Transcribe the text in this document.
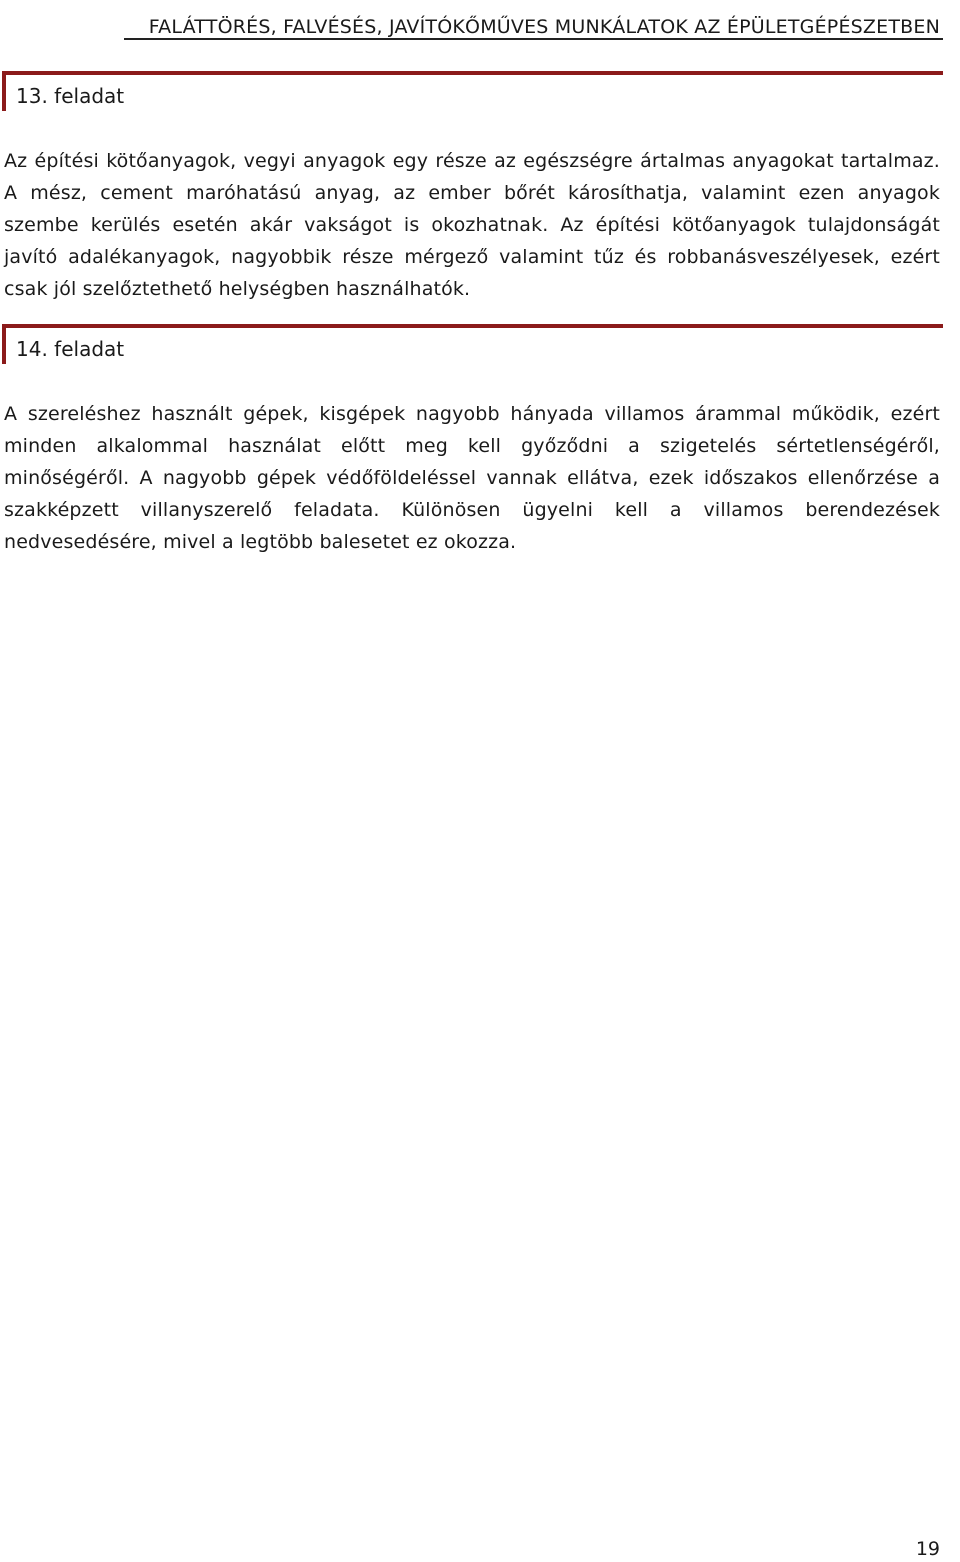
FALÁTTÖRÉS, FALVÉSÉS, JAVÍTÓKŐMŰVES MUNKÁLATOK AZ ÉPÜLETGÉPÉSZETBEN
13. feladat

Az építési kötőanyagok, vegyi anyagok egy része az egészségre ártalmas anyagokat tartalmaz. A mész, cement maróhatású anyag, az ember bőrét károsíthatja, valamint ezen anyagok szembe kerülés esetén akár vakságot is okozhatnak. Az építési kötőanyagok tulajdonságát javító adalékanyagok, nagyobbik része mérgező valamint tűz és robbanásveszélyesek, ezért csak jól szelőztethető helységben használhatók.

14. feladat

A szereléshez használt gépek, kisgépek nagyobb hányada villamos árammal működik, ezért minden alkalommal használat előtt meg kell győződni a szigetelés sértetlenségéről, minőségéről. A nagyobb gépek védőföldeléssel vannak ellátva, ezek időszakos ellenőrzése a szakképzett villanyszerelő feladata. Különösen ügyelni kell a villamos berendezések nedvesedésére, mivel a legtöbb balesetet ez okozza.

19
